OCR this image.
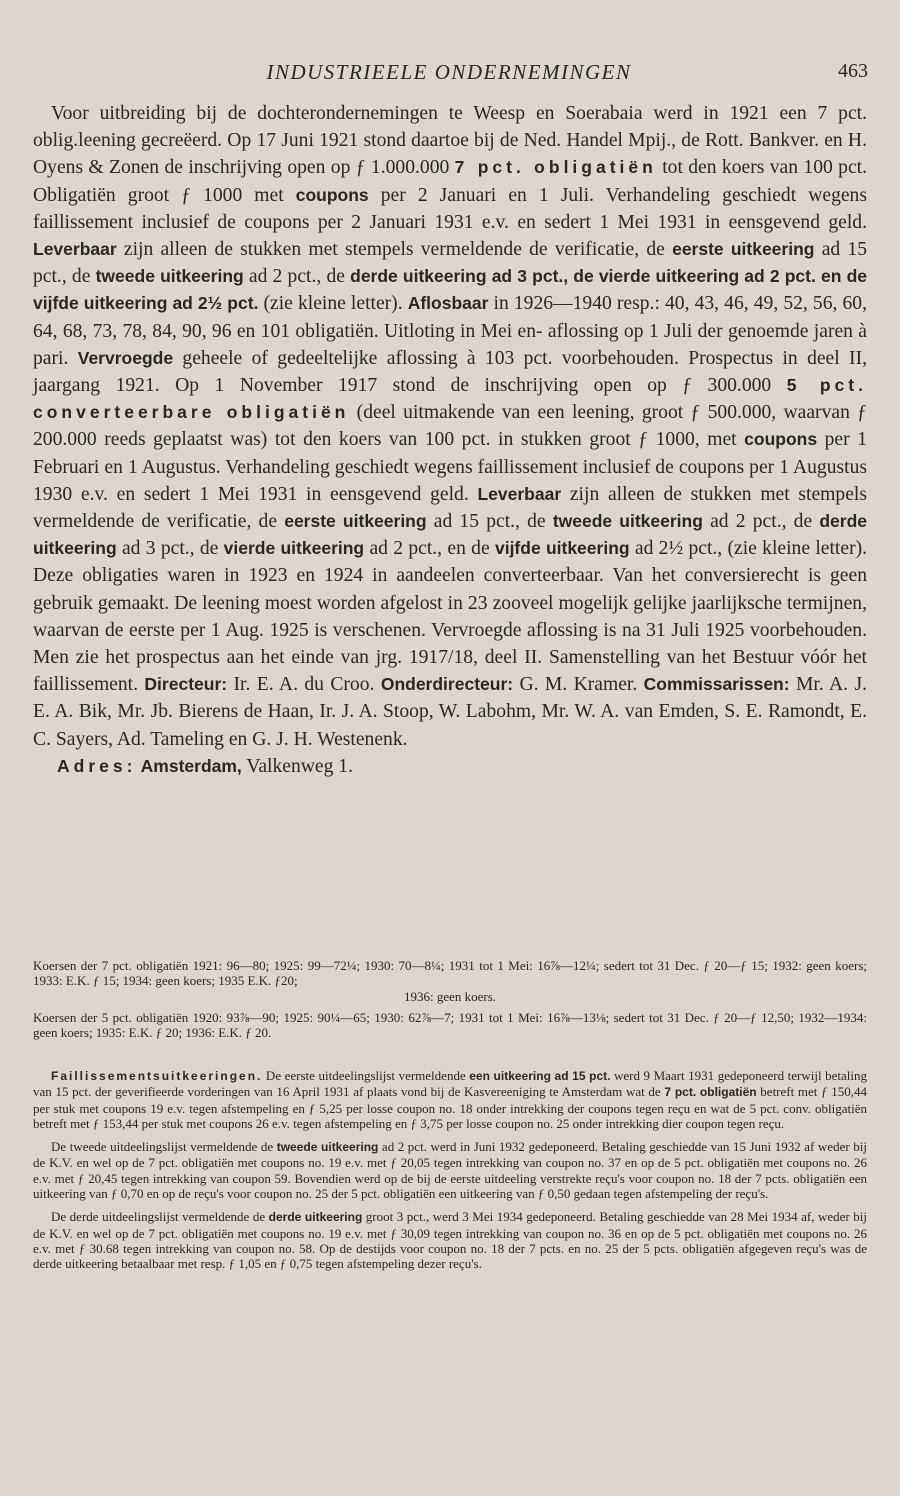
INDUSTRIEELE ONDERNEMINGEN	463

Voor uitbreiding bij de dochterondernemingen te Weesp en Soerabaia werd in 1921 een 7 pct. oblig.leening gecreëerd. Op 17 Juni 1921 stond daartoe bij de Ned. Handel Mpij., de Rott. Bankver. en H. Oyens & Zonen de inschrijving open op ƒ 1.000.000 7 pct. obligatiën tot den koers van 100 pct. Obligatiën groot ƒ 1000 met coupons per 2 Januari en 1 Juli. Verhandeling geschiedt wegens faillissement inclusief de coupons per 2 Januari 1931 e.v. en sedert 1 Mei 1931 in eensgevend geld. Leverbaar zijn alleen de stukken met stempels vermeldende de verificatie, de eerste uitkeering ad 15 pct., de tweede uitkeering ad 2 pct., de derde uitkeering ad 3 pct., de vierde uitkeering ad 2 pct. en de vijfde uitkeering ad 2½ pct. (zie kleine letter). Aflosbaar in 1926—1940 resp.: 40, 43, 46, 49, 52, 56, 60, 64, 68, 73, 78, 84, 90, 96 en 101 obligatiën. Uitloting in Mei en- aflossing op 1 Juli der genoemde jaren à pari. Vervroegde geheele of gedeeltelijke aflossing à 103 pct. voorbehouden. Prospectus in deel II, jaargang 1921. Op 1 November 1917 stond de inschrijving open op ƒ 300.000 5 pct. converteerbare obligatiën (deel uitmakende van een leening, groot ƒ 500.000, waarvan ƒ 200.000 reeds geplaatst was) tot den koers van 100 pct. in stukken groot ƒ 1000, met coupons per 1 Februari en 1 Augustus. Verhandeling geschiedt wegens faillissement inclusief de coupons per 1 Augustus 1930 e.v. en sedert 1 Mei 1931 in eensgevend geld. Leverbaar zijn alleen de stukken met stempels vermeldende de verificatie, de eerste uitkeering ad 15 pct., de tweede uitkeering ad 2 pct., de derde uitkeering ad 3 pct., de vierde uitkeering ad 2 pct., en de vijfde uitkeering ad 2½ pct., (zie kleine letter). Deze obligaties waren in 1923 en 1924 in aandeelen converteerbaar. Van het conversierecht is geen gebruik gemaakt. De leening moest worden afgelost in 23 zooveel mogelijk gelijke jaarlijksche termijnen, waarvan de eerste per 1 Aug. 1925 is verschenen. Vervroegde aflossing is na 31 Juli 1925 voorbehouden. Men zie het prospectus aan het einde van jrg. 1917/18, deel II. Samenstelling van het Bestuur vóór het faillissement. Directeur: Ir. E. A. du Croo. Onderdirecteur: G. M. Kramer. Commissarissen: Mr. A. J. E. A. Bik, Mr. Jb. Bierens de Haan, Ir. J. A. Stoop, W. Labohm, Mr. W. A. van Emden, S. E. Ramondt, E. C. Sayers, Ad. Tameling en G. J. H. Westenenk.

Adres: Amsterdam, Valkenweg 1.

Koersen der 7 pct. obligatiën 1921: 96—80; 1925: 99—72¼; 1930: 70—8¼; 1931 tot 1 Mei: 16⅞—12¼; sedert tot 31 Dec. ƒ 20—ƒ 15; 1932: geen koers; 1933: E.K. ƒ 15; 1934: geen koers; 1935 E.K. ƒ20;

1936: geen koers.

Koersen der 5 pct. obligatiën 1920: 93⅞—90; 1925: 90¼—65; 1930: 62⅞—7; 1931 tot 1 Mei: 16⅞—13⅛; sedert tot 31 Dec. ƒ 20—ƒ 12,50; 1932—1934: geen koers; 1935: E.K. ƒ 20; 1936: E.K. ƒ 20.

Faillissementsuitkeeringen. De eerste uitdeelingslijst vermeldende een uitkeering ad 15 pct. werd 9 Maart 1931 gedeponeerd terwijl betaling van 15 pct. der geverifieerde vorderingen van 16 April 1931 af plaats vond bij de Kasvereeniging te Amsterdam wat de 7 pct. obligatiën betreft met ƒ 150,44 per stuk met coupons 19 e.v. tegen afstempeling en ƒ 5,25 per losse coupon no. 18 onder intrekking der coupons tegen reçu en wat de 5 pct. conv. obligatiën betreft met ƒ 153,44 per stuk met coupons 26 e.v. tegen afstempeling en ƒ 3,75 per losse coupon no. 25 onder intrekking dier coupon tegen reçu.

De tweede uitdeelingslijst vermeldende de tweede uitkeering ad 2 pct. werd in Juni 1932 gedeponeerd. Betaling geschiedde van 15 Juni 1932 af weder bij de K.V. en wel op de 7 pct. obligatiën met coupons no. 19 e.v. met ƒ 20,05 tegen intrekking van coupon no. 37 en op de 5 pct. obligatiën met coupons no. 26 e.v. met ƒ 20,45 tegen intrekking van coupon 59. Bovendien werd op de bij de eerste uitdeeling verstrekte reçu's voor coupon no. 18 der 7 pcts. obligatiën een uitkeering van ƒ 0,70 en op de reçu's voor coupon no. 25 der 5 pct. obligatiën een uitkeering van ƒ 0,50 gedaan tegen afstempeling der reçu's.

De derde uitdeelingslijst vermeldende de derde uitkeering groot 3 pct., werd 3 Mei 1934 gedeponeerd. Betaling geschiedde van 28 Mei 1934 af, weder bij de K.V. en wel op de 7 pct. obligatiën met coupons no. 19 e.v. met ƒ 30,09 tegen intrekking van coupon no. 36 en op de 5 pct. obligatiën met coupons no. 26 e.v. met ƒ 30.68 tegen intrekking van coupon no. 58. Op de destijds voor coupon no. 18 der 7 pcts. en no. 25 der 5 pcts. obligatiën afgegeven reçu's was de derde uitkeering betaalbaar met resp. ƒ 1,05 en ƒ 0,75 tegen afstempeling dezer reçu's.
